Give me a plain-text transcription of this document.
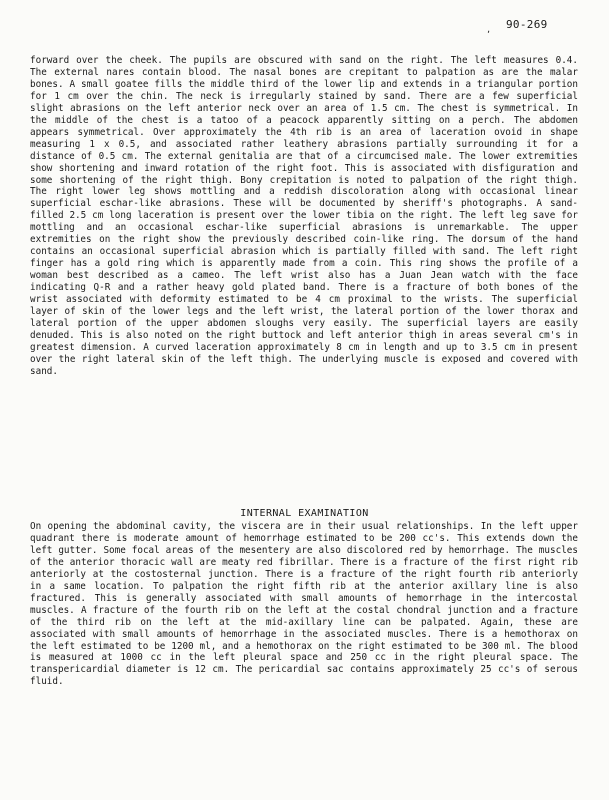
ʼ
90-269

forward over the cheek. The pupils are obscured with sand on the right. The left measures 0.4. The external nares contain blood. The nasal bones are crepitant to palpation as are the malar bones. A small goatee fills the middle third of the lower lip and extends in a triangular portion for 1 cm over the chin. The neck is irregularly stained by sand. There are a few superficial slight abrasions on the left anterior neck over an area of 1.5 cm. The chest is symmetrical. In the middle of the chest is a tatoo of a peacock apparently sitting on a perch. The abdomen appears symmetrical. Over approximately the 4th rib is an area of laceration ovoid in shape measuring 1 x 0.5, and associated rather leathery abrasions partially surrounding it for a distance of 0.5 cm. The external genitalia are that of a circumcised male. The lower extremities show shortening and inward rotation of the right foot. This is associated with disfiguration and some shortening of the right thigh. Bony crepitation is noted to palpation of the right thigh. The right lower leg shows mottling and a reddish discoloration along with occasional linear superficial eschar-like abrasions. These will be documented by sheriff's photographs. A sand-filled 2.5 cm long laceration is present over the lower tibia on the right. The left leg save for mottling and an occasional eschar-like superficial abrasions is unremarkable. The upper extremities on the right show the previously described coin-like ring. The dorsum of the hand contains an occasional superficial abrasion which is partially filled with sand. The left right finger has a gold ring which is apparently made from a coin. This ring shows the profile of a woman best described as a cameo. The left wrist also has a Juan Jean watch with the face indicating Q-R and a rather heavy gold plated band. There is a fracture of both bones of the wrist associated with deformity estimated to be 4 cm proximal to the wrists. The superficial layer of skin of the lower legs and the left wrist, the lateral portion of the lower thorax and lateral portion of the upper abdomen sloughs very easily. The superficial layers are easily denuded. This is also noted on the right buttock and left anterior thigh in areas several cm's in greatest dimension. A curved laceration approximately 8 cm in length and up to 3.5 cm in present over the right lateral skin of the left thigh. The underlying muscle is exposed and covered with sand.

INTERNAL EXAMINATION

On opening the abdominal cavity, the viscera are in their usual relationships. In the left upper quadrant there is moderate amount of hemorrhage estimated to be 200 cc's. This extends down the left gutter. Some focal areas of the mesentery are also discolored red by hemorrhage. The muscles of the anterior thoracic wall are meaty red fibrillar. There is a fracture of the first right rib anteriorly at the costosternal junction. There is a fracture of the right fourth rib anteriorly in a same location. To palpation the right fifth rib at the anterior axillary line is also fractured. This is generally associated with small amounts of hemorrhage in the intercostal muscles. A fracture of the fourth rib on the left at the costal chondral junction and a fracture of the third rib on the left at the mid-axillary line can be palpated. Again, these are associated with small amounts of hemorrhage in the associated muscles. There is a hemothorax on the left estimated to be 1200 ml, and a hemothorax on the right estimated to be 300 ml. The blood is measured at 1000 cc in the left pleural space and 250 cc in the right pleural space. The transpericardial diameter is 12 cm. The pericardial sac contains approximately 25 cc's of serous fluid.
